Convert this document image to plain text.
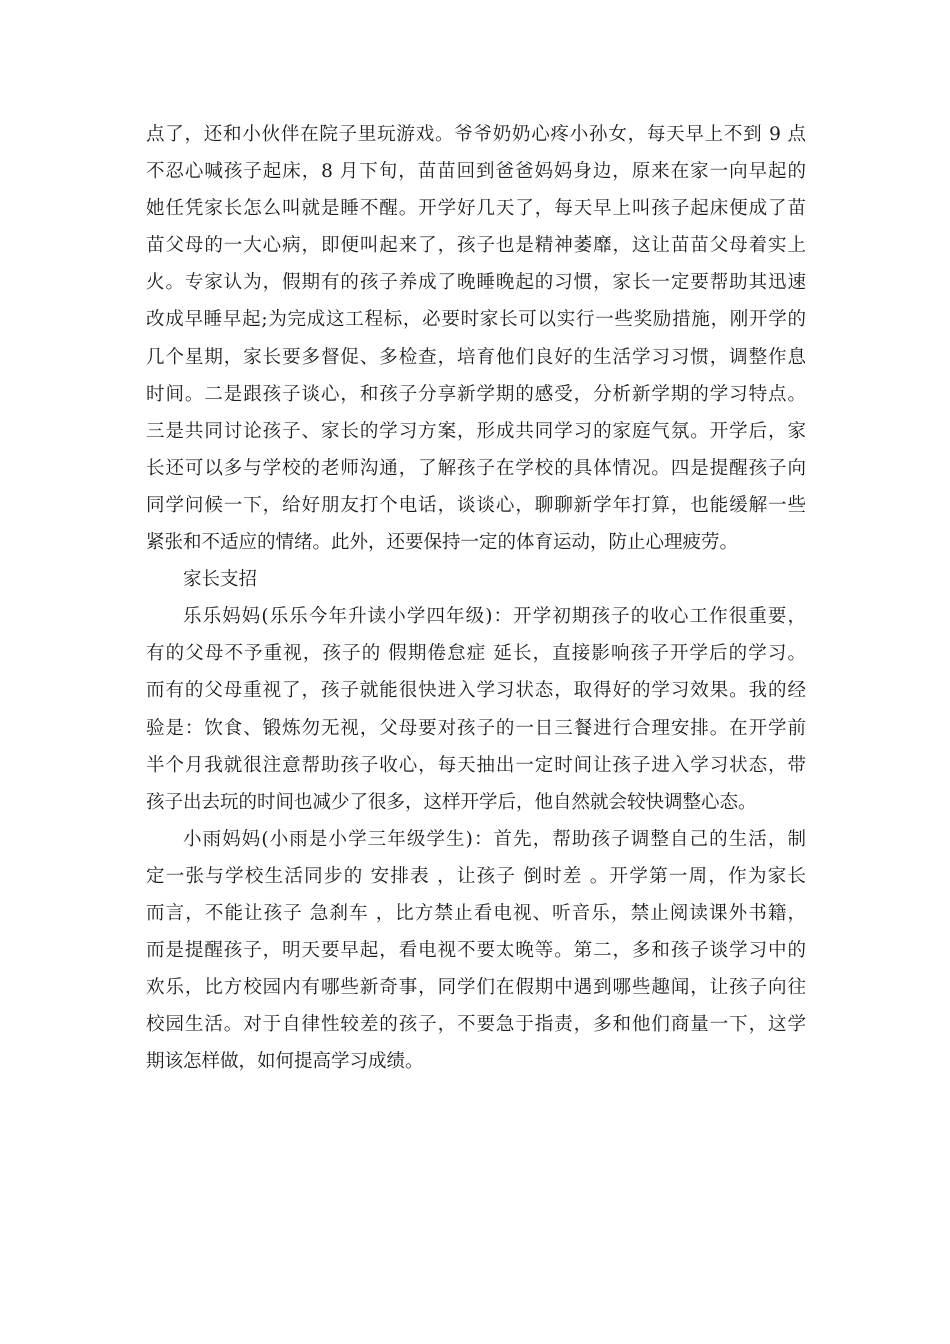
点了，还和小伙伴在院子里玩游戏。爷爷奶奶心疼小孙女，每天早上不到 9 点
不忍心喊孩子起床，8 月下旬，苗苗回到爸爸妈妈身边，原来在家一向早起的
她任凭家长怎么叫就是睡不醒。开学好几天了，每天早上叫孩子起床便成了苗
苗父母的一大心病，即便叫起来了，孩子也是精神萎靡，这让苗苗父母着实上
火。专家认为，假期有的孩子养成了晚睡晚起的习惯，家长一定要帮助其迅速
改成早睡早起;为完成这工程标，必要时家长可以实行一些奖励措施，刚开学的
几个星期，家长要多督促、多检查，培育他们良好的生活学习习惯，调整作息
时间。二是跟孩子谈心，和孩子分享新学期的感受，分析新学期的学习特点。
三是共同讨论孩子、家长的学习方案，形成共同学习的家庭气氛。开学后，家
长还可以多与学校的老师沟通，了解孩子在学校的具体情况。四是提醒孩子向
同学问候一下，给好朋友打个电话，谈谈心，聊聊新学年打算，也能缓解一些
紧张和不适应的情绪。此外，还要保持一定的体育运动，防止心理疲劳。
家长支招
乐乐妈妈(乐乐今年升读小学四年级)：开学初期孩子的收心工作很重要，
有的父母不予重视，孩子的 假期倦怠症 延长，直接影响孩子开学后的学习。
而有的父母重视了，孩子就能很快进入学习状态，取得好的学习效果。我的经
验是：饮食、锻炼勿无视，父母要对孩子的一日三餐进行合理安排。在开学前
半个月我就很注意帮助孩子收心，每天抽出一定时间让孩子进入学习状态，带
孩子出去玩的时间也减少了很多，这样开学后，他自然就会较快调整心态。
小雨妈妈(小雨是小学三年级学生)：首先，帮助孩子调整自己的生活，制
定一张与学校生活同步的 安排表 ，让孩子 倒时差 。开学第一周，作为家长
而言，不能让孩子 急刹车 ，比方禁止看电视、听音乐，禁止阅读课外书籍，
而是提醒孩子，明天要早起，看电视不要太晚等。第二，多和孩子谈学习中的
欢乐，比方校园内有哪些新奇事，同学们在假期中遇到哪些趣闻，让孩子向往
校园生活。对于自律性较差的孩子，不要急于指责，多和他们商量一下，这学
期该怎样做，如何提高学习成绩。
